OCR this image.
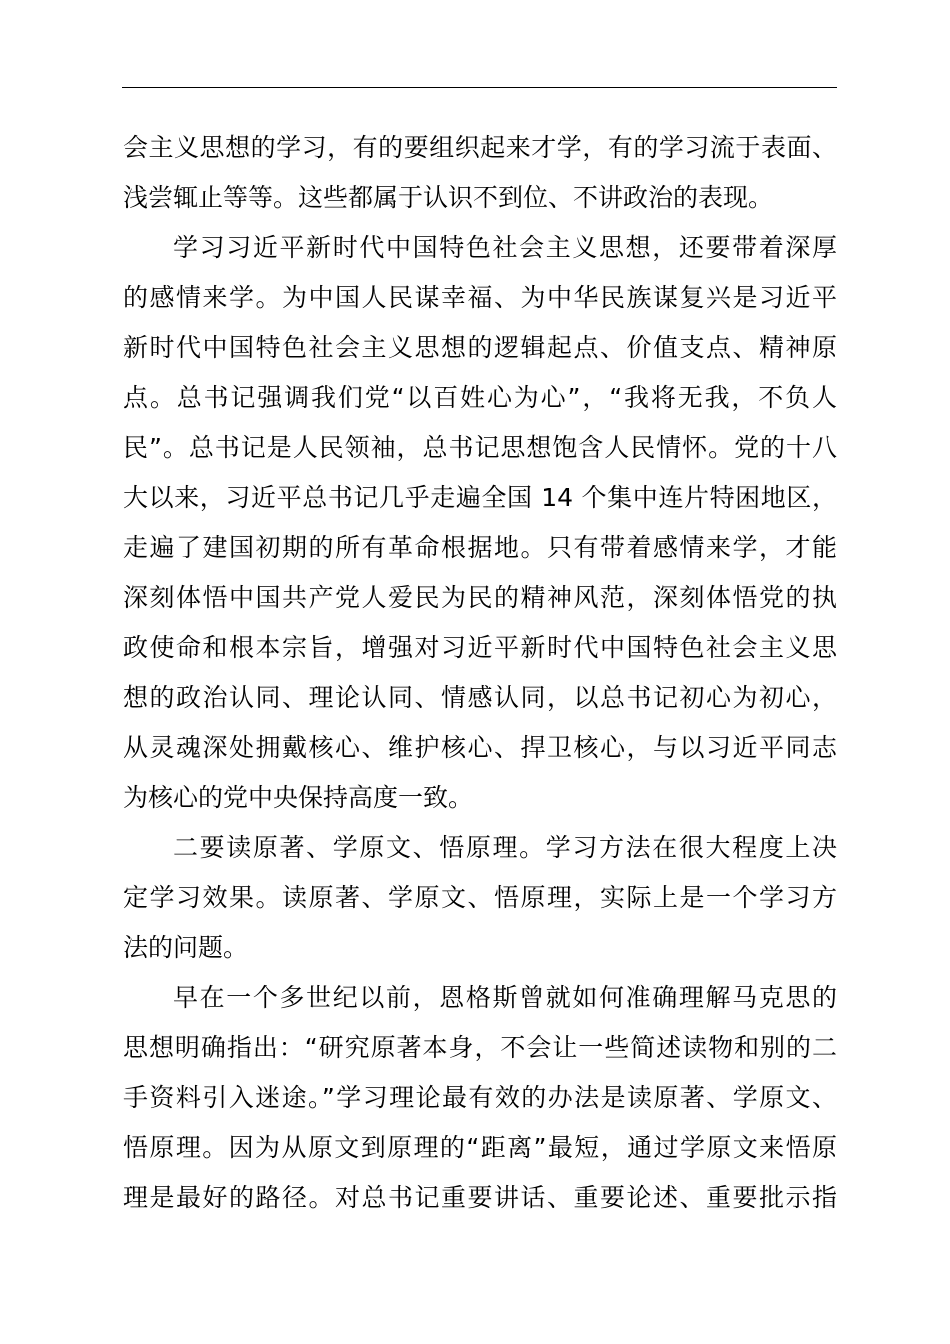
会主义思想的学习，有的要组织起来才学，有的学习流于表面、
浅尝辄止等等。这些都属于认识不到位、不讲政治的表现。
学习习近平新时代中国特色社会主义思想，还要带着深厚
的感情来学。为中国人民谋幸福、为中华民族谋复兴是习近平
新时代中国特色社会主义思想的逻辑起点、价值支点、精神原
点。总书记强调我们党“以百姓心为心”，“我将无我，不负人
民”。总书记是人民领袖，总书记思想饱含人民情怀。党的十八
大以来，习近平总书记几乎走遍全国 14 个集中连片特困地区，
走遍了建国初期的所有革命根据地。只有带着感情来学，才能
深刻体悟中国共产党人爱民为民的精神风范，深刻体悟党的执
政使命和根本宗旨，增强对习近平新时代中国特色社会主义思
想的政治认同、理论认同、情感认同，以总书记初心为初心，
从灵魂深处拥戴核心、维护核心、捍卫核心，与以习近平同志
为核心的党中央保持高度一致。
二要读原著、学原文、悟原理。学习方法在很大程度上决
定学习效果。读原著、学原文、悟原理，实际上是一个学习方
法的问题。
早在一个多世纪以前，恩格斯曾就如何准确理解马克思的
思想明确指出：“研究原著本身，不会让一些简述读物和别的二
手资料引入迷途。”学习理论最有效的办法是读原著、学原文、
悟原理。因为从原文到原理的“距离”最短，通过学原文来悟原
理是最好的路径。对总书记重要讲话、重要论述、重要批示指
